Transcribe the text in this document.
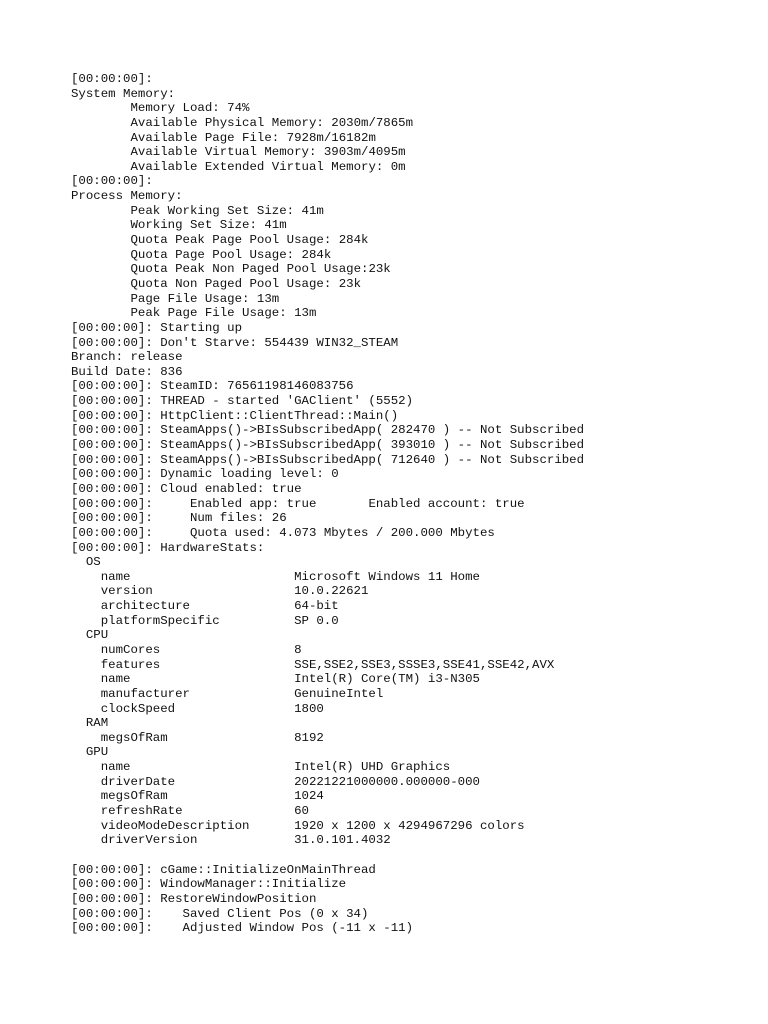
[00:00:00]:
System Memory:
	Memory Load: 74%
	Available Physical Memory: 2030m/7865m
	Available Page File: 7928m/16182m
	Available Virtual Memory: 3903m/4095m
	Available Extended Virtual Memory: 0m
[00:00:00]:
Process Memory:
	Peak Working Set Size: 41m
	Working Set Size: 41m
	Quota Peak Page Pool Usage: 284k
	Quota Page Pool Usage: 284k
	Quota Peak Non Paged Pool Usage:23k
	Quota Non Paged Pool Usage: 23k
	Page File Usage: 13m
	Peak Page File Usage: 13m
[00:00:00]: Starting up
[00:00:00]: Don't Starve: 554439 WIN32_STEAM
Branch: release
Build Date: 836
[00:00:00]: SteamID: 76561198146083756
[00:00:00]: THREAD - started 'GAClient' (5552)
[00:00:00]: HttpClient::ClientThread::Main()
[00:00:00]: SteamApps()->BIsSubscribedApp( 282470 ) -- Not Subscribed
[00:00:00]: SteamApps()->BIsSubscribedApp( 393010 ) -- Not Subscribed
[00:00:00]: SteamApps()->BIsSubscribedApp( 712640 ) -- Not Subscribed
[00:00:00]: Dynamic loading level: 0
[00:00:00]: Cloud enabled: true
[00:00:00]:	Enabled app: true	Enabled account: true
[00:00:00]:	Num files: 26
[00:00:00]:	Quota used: 4.073 Mbytes / 200.000 Mbytes
[00:00:00]: HardwareStats:
OS
name                      Microsoft Windows 11 Home
version                   10.0.22621
architecture              64-bit
platformSpecific          SP 0.0
CPU
numCores                  8
features                  SSE,SSE2,SSE3,SSSE3,SSE41,SSE42,AVX
name                      Intel(R) Core(TM) i3-N305
manufacturer              GenuineIntel
clockSpeed                1800
RAM
megsOfRam                 8192
GPU
name                      Intel(R) UHD Graphics
driverDate                20221221000000.000000-000
megsOfRam                 1024
refreshRate               60
videoModeDescription      1920 x 1200 x 4294967296 colors
driverVersion             31.0.101.4032

[00:00:00]: cGame::InitializeOnMainThread
[00:00:00]: WindowManager::Initialize
[00:00:00]: RestoreWindowPosition
[00:00:00]:    Saved Client Pos (0 x 34)
[00:00:00]:    Adjusted Window Pos (-11 x -11)
